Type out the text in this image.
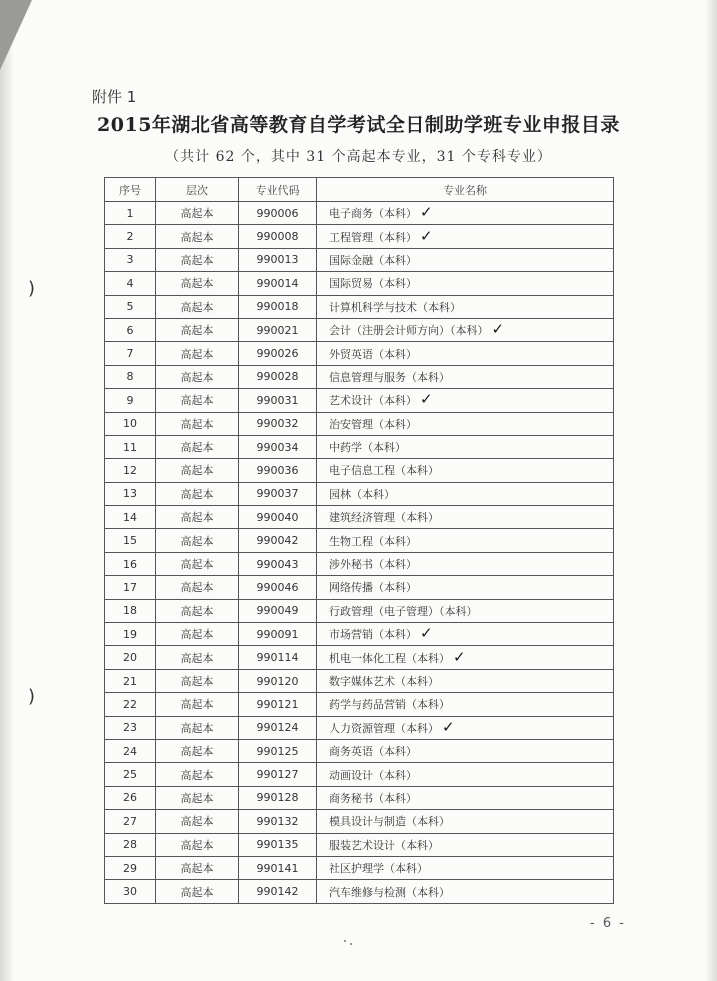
)
)
附件 1
2015年湖北省高等教育自学考试全日制助学班专业申报目录
（共计 62 个，其中 31 个高起本专业，31 个专科专业）
序号	层次	专业代码	专业名称
1	高起本	990006	电子商务（本科） ✓
2	高起本	990008	工程管理（本科） ✓
3	高起本	990013	国际金融（本科）
4	高起本	990014	国际贸易（本科）
5	高起本	990018	计算机科学与技术（本科）
6	高起本	990021	会计（注册会计师方向）（本科） ✓
7	高起本	990026	外贸英语（本科）
8	高起本	990028	信息管理与服务（本科）
9	高起本	990031	艺术设计（本科） ✓
10	高起本	990032	治安管理（本科）
11	高起本	990034	中药学（本科）
12	高起本	990036	电子信息工程（本科）
13	高起本	990037	园林（本科）
14	高起本	990040	建筑经济管理（本科）
15	高起本	990042	生物工程（本科）
16	高起本	990043	涉外秘书（本科）
17	高起本	990046	网络传播（本科）
18	高起本	990049	行政管理（电子管理）（本科）
19	高起本	990091	市场营销（本科） ✓
20	高起本	990114	机电一体化工程（本科） ✓
21	高起本	990120	数字媒体艺术（本科）
22	高起本	990121	药学与药品营销（本科）
23	高起本	990124	人力资源管理（本科） ✓
24	高起本	990125	商务英语（本科）
25	高起本	990127	动画设计（本科）
26	高起本	990128	商务秘书（本科）
27	高起本	990132	模具设计与制造（本科）
28	高起本	990135	服装艺术设计（本科）
29	高起本	990141	社区护理学（本科）
30	高起本	990142	汽车维修与检测（本科）
- 6 -
